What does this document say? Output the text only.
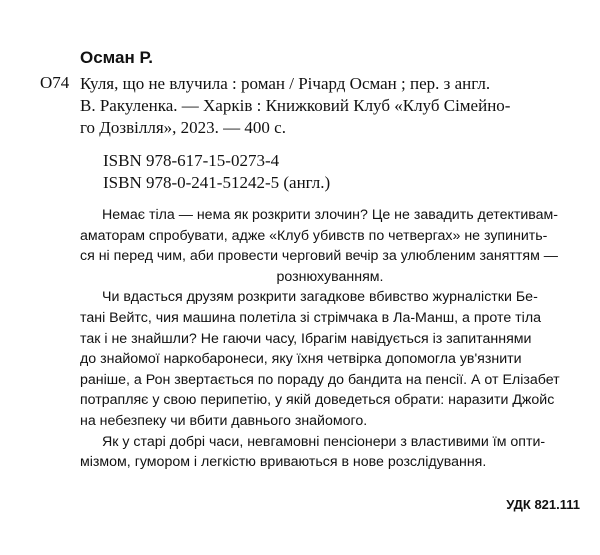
Осман Р.
О74 Куля, що не влучила : роман / Річард Осман ; пер. з англ.

В. Ракуленка. — Харків : Книжковий Клуб «Клуб Сімейно-

го Дозвілля», 2023. — 400 с.

ISBN 978-617-15-0273-4

ISBN 978-0-241-51242-5 (англ.)

Немає тіла — нема як розкрити злочин? Це не завадить детективам-

аматорам спробувати, адже «Клуб убивств по четвергах» не зупинить-

ся ні перед чим, аби провести черговий вечір за улюбленим заняттям —

рознюхуванням.

Чи вдасться друзям розкрити загадкове вбивство журналістки Бе-

тані Вейтс, чия машина полетіла зі стрімчака в Ла-Манш, а проте тіла

так і не знайшли? Не гаючи часу, Ібрагім навідується із запитаннями

до знайомої наркобаронеси, яку їхня четвірка допомогла ув'язнити

раніше, а Рон звертається по пораду до бандита на пенсії. А от Елізабет

потрапляє у свою перипетію, у якій доведеться обрати: наразити Джойс

на небезпеку чи вбити давнього знайомого.

Як у старі добрі часи, невгамовні пенсіонери з властивими їм опти-

мізмом, гумором і легкістю вриваються в нове розслідування.

УДК 821.111
